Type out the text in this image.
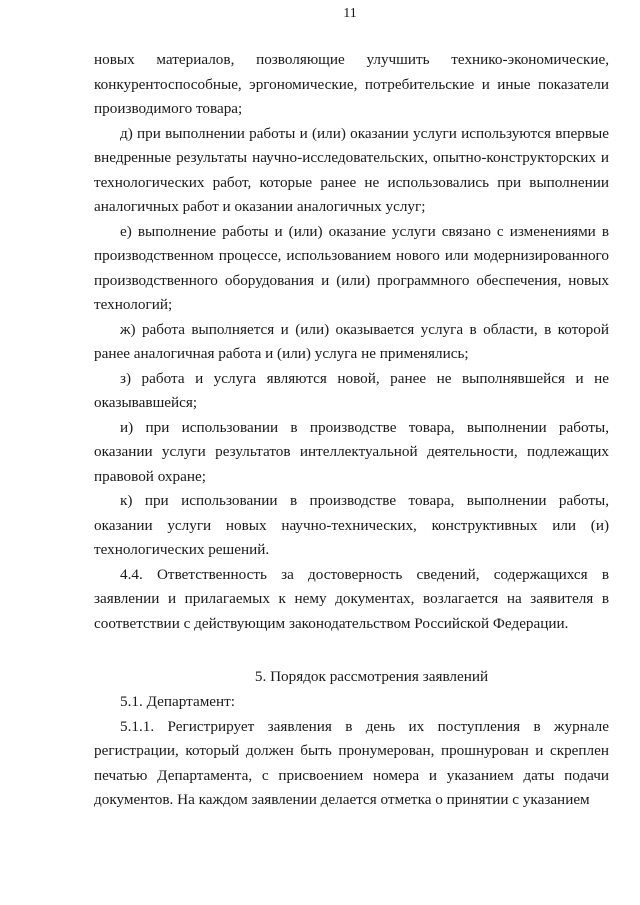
11

новых материалов, позволяющие улучшить технико-экономические, конкурентоспособные, эргономические, потребительские и иные показатели производимого товара;

д) при выполнении работы и (или) оказании услуги используются впервые внедренные результаты научно-исследовательских, опытно-конструкторских и технологических работ, которые ранее не использовались при выполнении аналогичных работ и оказании аналогичных услуг;

е) выполнение работы и (или) оказание услуги связано с изменениями в производственном процессе, использованием нового или модернизированного производственного оборудования и (или) программного обеспечения, новых технологий;

ж) работа выполняется и (или) оказывается услуга в области, в которой ранее аналогичная работа и (или) услуга не применялись;

з) работа и услуга являются новой, ранее не выполнявшейся и не оказывавшейся;

и) при использовании в производстве товара, выполнении работы, оказании услуги результатов интеллектуальной деятельности, подлежащих правовой охране;

к) при использовании в производстве товара, выполнении работы, оказании услуги новых научно-технических, конструктивных или (и) технологических решений.

4.4. Ответственность за достоверность сведений, содержащихся в заявлении и прилагаемых к нему документах, возлагается на заявителя в соответствии с действующим законодательством Российской Федерации.

5. Порядок рассмотрения заявлений

5.1. Департамент:

5.1.1. Регистрирует заявления в день их поступления в журнале регистрации, который должен быть пронумерован, прошнурован и скреплен печатью Департамента, с присвоением номера и указанием даты подачи документов. На каждом заявлении делается отметка о принятии с указанием
